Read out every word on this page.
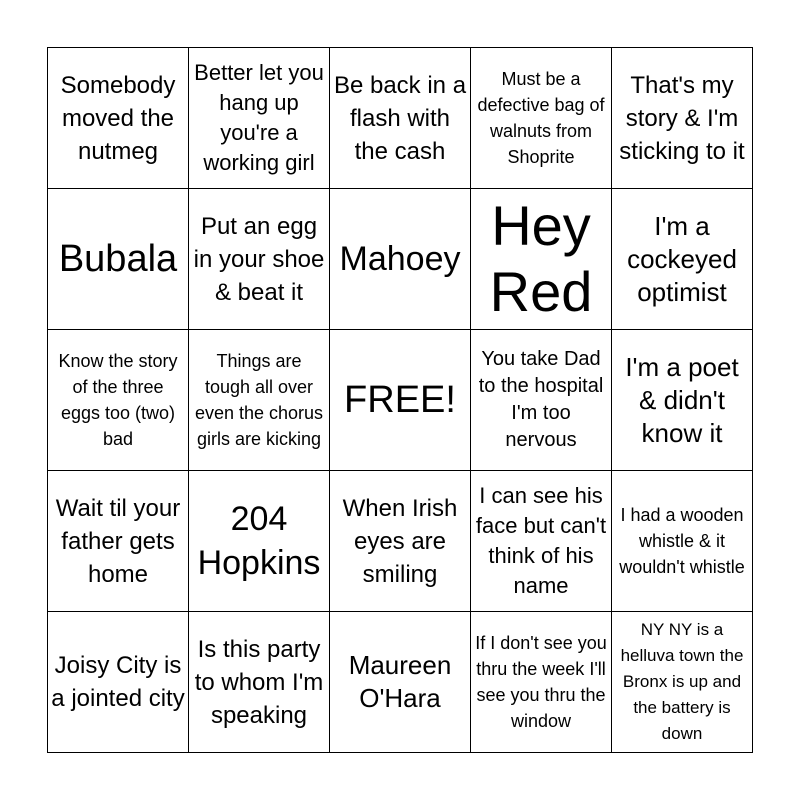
Somebody moved the nutmeg
Better let you hang up you're a working girl
Be back in a flash with the cash
Must be a defective bag of walnuts from Shoprite
That's my story & I'm sticking to it
Bubala
Put an egg in your shoe & beat it
Mahoey
Hey Red
I'm a cockeyed optimist
Know the story of the three eggs too (two) bad
Things are tough all over even the chorus girls are kicking
FREE!
You take Dad to the hospital I'm too nervous
I'm a poet & didn't know it
Wait til your father gets home
204 Hopkins
When Irish eyes are smiling
I can see his face but can't think of his name
I had a wooden whistle & it wouldn't whistle
Joisy City is a jointed city
Is this party to whom I'm speaking
Maureen O'Hara
If I don't see you thru the week I'll see you thru the window
NY NY is a helluva town the Bronx is up and the battery is down
